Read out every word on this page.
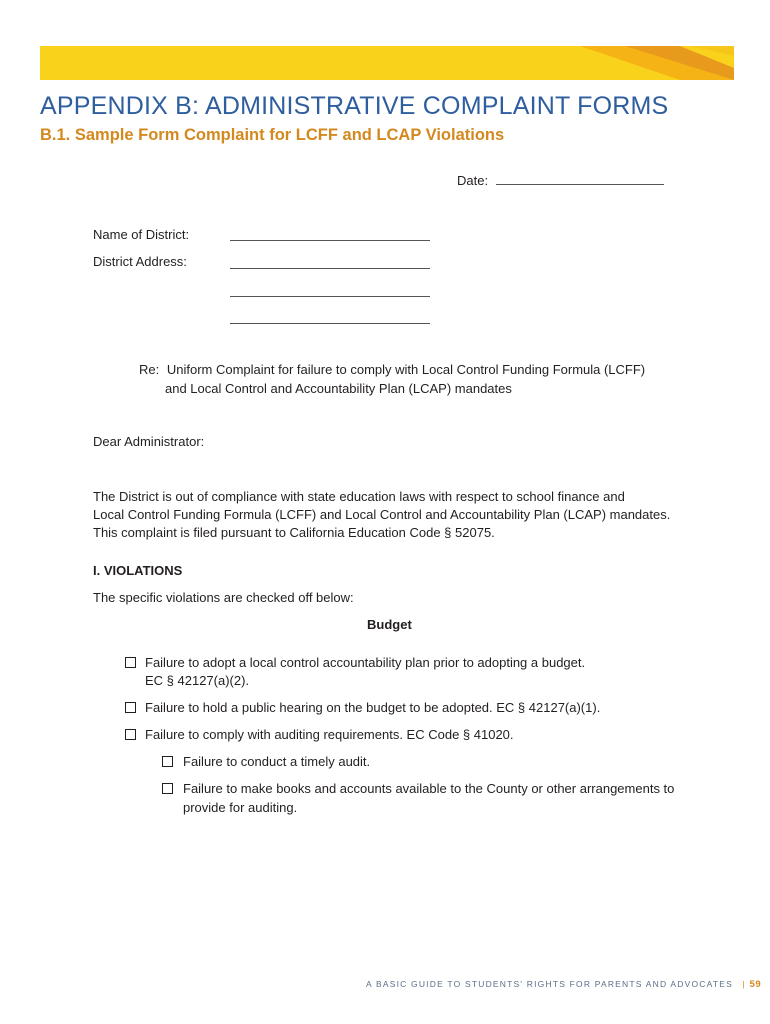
APPENDIX B: ADMINISTRATIVE COMPLAINT FORMS
B.1. Sample Form Complaint for LCFF and LCAP Violations
Date:
Name of District:
District Address:
Re: Uniform Complaint for failure to comply with Local Control Funding Formula (LCFF)
and Local Control and Accountability Plan (LCAP) mandates
Dear Administrator:
The District is out of compliance with state education laws with respect to school finance and
Local Control Funding Formula (LCFF) and Local Control and Accountability Plan (LCAP) mandates.
This complaint is filed pursuant to California Education Code § 52075.
I. VIOLATIONS
The specific violations are checked off below:
Budget
Failure to adopt a local control accountability plan prior to adopting a budget.
EC § 42127(a)(2).
Failure to hold a public hearing on the budget to be adopted. EC § 42127(a)(1).
Failure to comply with auditing requirements. EC Code § 41020.
Failure to conduct a timely audit.
Failure to make books and accounts available to the County or other arrangements to
provide for auditing.
A BASIC GUIDE TO STUDENTS' RIGHTS FOR PARENTS AND ADVOCATES | 59
